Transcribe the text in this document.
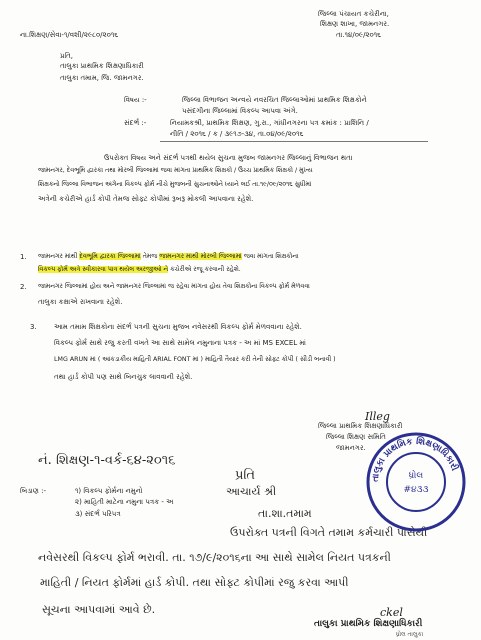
ના.શિક્ષણ/સેવા-૧/વશી/૨૯૮૦/૨૦૧૬
જિલ્લા પંચાયત કચેરીના,
શિક્ષણ શાખા, જામનગર.
તા.૧૪/૦૯/૨૦૧૬
પ્રતિ,
તાલુકા પ્રાથમિક શિક્ષણાધિકારી
તાલુકા તમામ, જિ. જામનગર.
વિષય :-	જિલ્લા વિભાજન અન્વયે નવરચિત જિલ્લાઓમાં પ્રાથમિક શિક્ષકોને
પસંદગીના જિલ્લામાં વિકલ્પ આપવા અંગે.
સંદર્ભ :-	નિયામકશ્રી, પ્રાથમિક શિક્ષણ, ગુ.રા., ગાંધીનગરના પત્ર ક્રમાંક : પ્રાશિનિ /
નીતિ / ૨૦૧૬ / ક / ૩૯૧૭-૩૪, તા.૦૪/૦૯/૨૦૧૬
ઉપરોક્ત વિષય અને સંદર્ભ પત્રથી થયેલ સુચના મુજબ જામનગર જિલ્લાનું વિભાજન થતા
જામનગર, દેવભૂમિ દ્વારકા તથા મોરબી જિલ્લામાં જવા માંગતા પ્રાથમિક શિક્ષકો / ઉચ્ચ પ્રાથમિક શિક્ષકો / મુખ્ય
શિક્ષકનો જિલ્લા વિભાજન અંગેના વિકલ્પ ફોર્મ નીચે મુજબની સુચનાઓને ધ્યાને લઈ તા.૧૯/૦૯/૨૦૧૬ સુધીમાં
અત્રેની કચેરીએ હાર્ડ કોપી તેમજ સોફ્ટ કોપીમાં રૂબરૂ મોકલી આપવાના રહેશે.
1. જામનગર માંથી દેવભૂમિ દ્વારકા જિલ્લામાં તેમજ જામનગર માંથી મોરબી જિલ્લામાં જવા માંગતા શિક્ષકોના
વિકલ્પ ફોર્મ અત્રે સ્વીકારવા પાત્ર થયેલ અરજીઓ ને કચેરીએ રજૂ કરવાની રહેશે.
2. જામનગર જિલ્લામાં હોય અને જામનગર જિલ્લામાં જ રહેવા માંગતા હોય તેવા શિક્ષકોના વિકલ્પ ફોર્મ મેળવવા
તાલુકા કક્ષાએ રાખવાના રહેશે.
3. આમ તમામ શિક્ષકોના સંદર્ભ પત્રની સુચના મુજબ નવેસરથી વિકલ્પ ફોર્મ મેળવવાના રહેશે.
વિકલ્પ ફોર્મ સાથે રજુ કરતી વખતે આ સાથે સામેલ નમુનાના પત્રક - અ માં MS EXCEL માં
LMG ARUN માં ( આંકડાકીય માહિતી ARIAL FONT માં ) માહિતી તૈયાર કરી તેની સોફ્ટ કોપી ( સીડી બનાવી )
તથા હાર્ડ કોપી પણ સાથે બિનચુક લાવવાની રહેશે.
Illeg
જિલ્લા પ્રાથમિક શિક્ષણાધિકારી
જિલ્લા શિક્ષણ સમિતિ
જામનગર.
નં. શિક્ષણ-૧-વર્ક-૬૪-૨૦૧૬
બિડાણ :-	૧) વિકલ્પ ફોર્મના નમુનો
૨) માહિતી માટેના નમુના પત્રક - અ
૩) સંદર્ભ પરિપત્ર
પ્રતિ
આચાર્ય શ્રી
તા.શા.તમામ
ઉપરોક્ત પત્રની વિગતે તમામ કર્મચારી પાસેથી
નવેસરથી વિકલ્પ ફોર્મ ભરાવી. તા. ૧૭/૯/૨૦૧૬ના આ સાથે સામેલ નિયત પત્રકની
માહિતી / નિયત ફોર્મમાં હાર્ડ કોપી. તથા સોફ્ટ કોપીમાં રજુ કરવા આપી
સૂચના આપવામાં આવે છે.	ckel
તાલુકા પ્રાથમિક શિક્ષણાધિકારી
ધ્રોલ તાલુકા
તાલુકા પ્રાથમિક શિક્ષણાધિકારી
ધ્રોલ
#૪૩૩
